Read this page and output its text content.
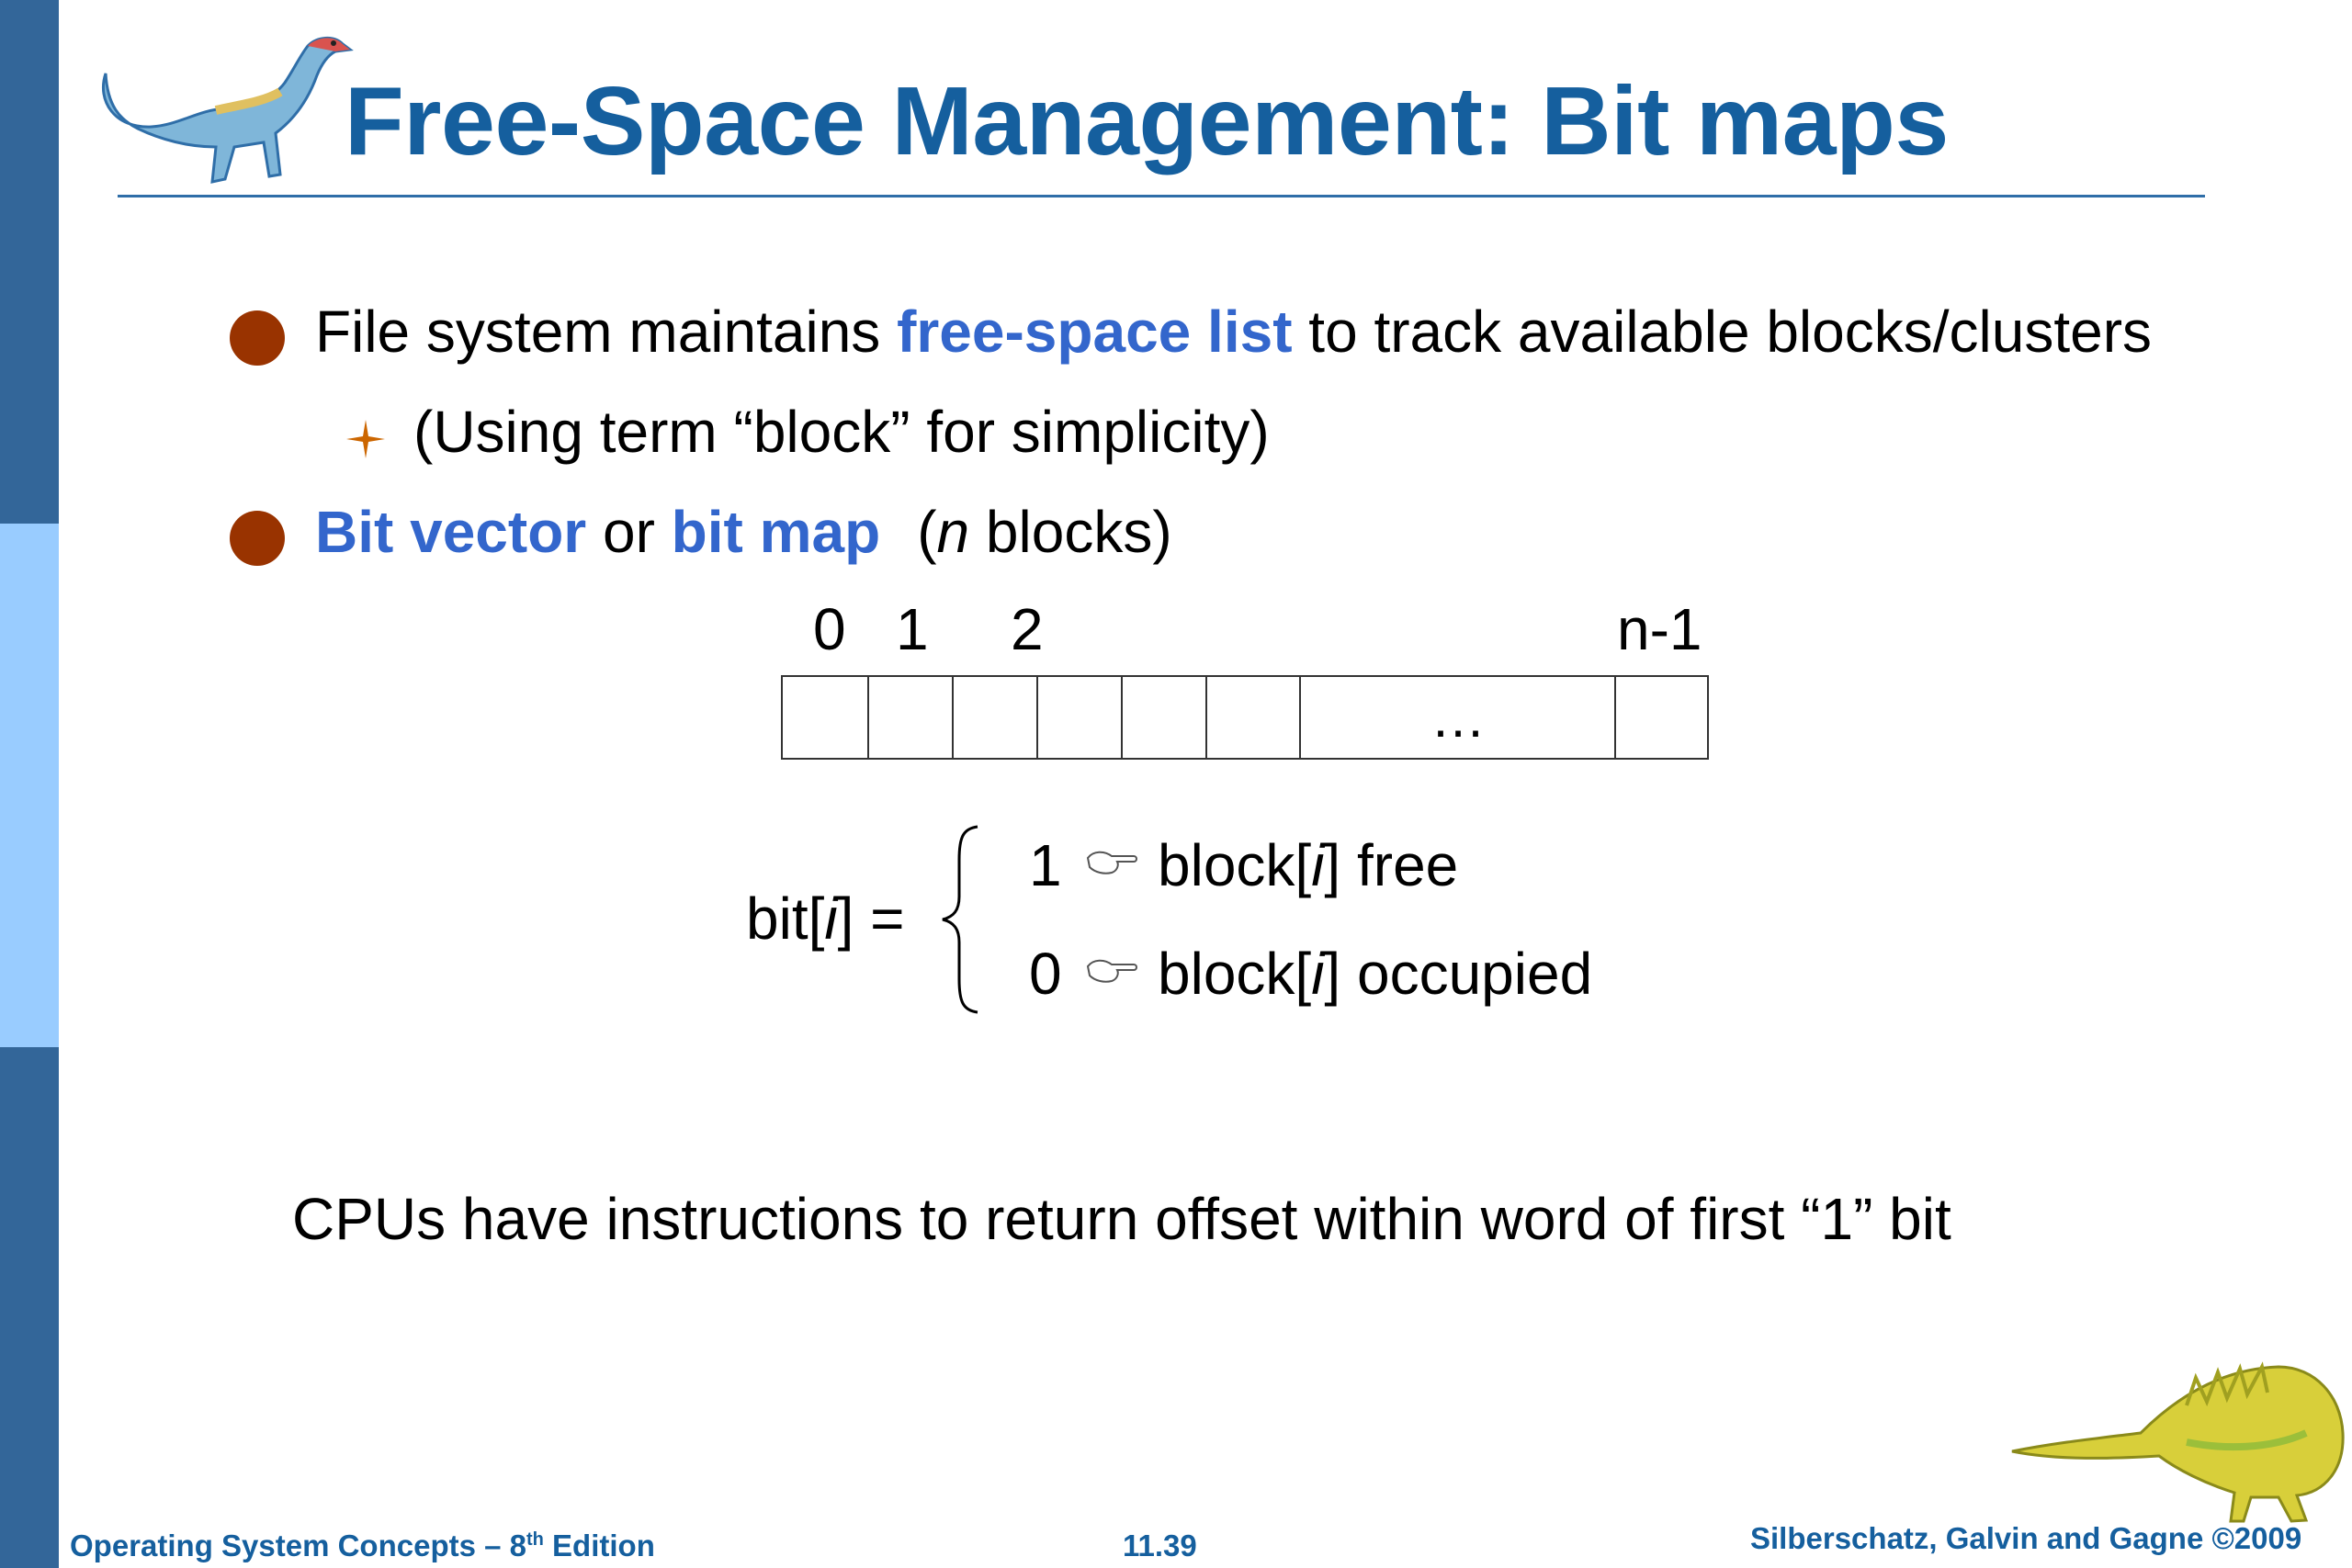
Free-Space Management: Bit maps
File system maintains free-space list to track available blocks/clusters
(Using term “block” for simplicity)
Bit vector or bit map (n blocks)
0 1 2	n-1
…
bit[i] =
1 block[i] free
0 block[i] occupied
CPUs have instructions to return offset within word of first “1” bit
Operating System Concepts – 8th Edition	11.39	Silberschatz, Galvin and Gagne ©2009
